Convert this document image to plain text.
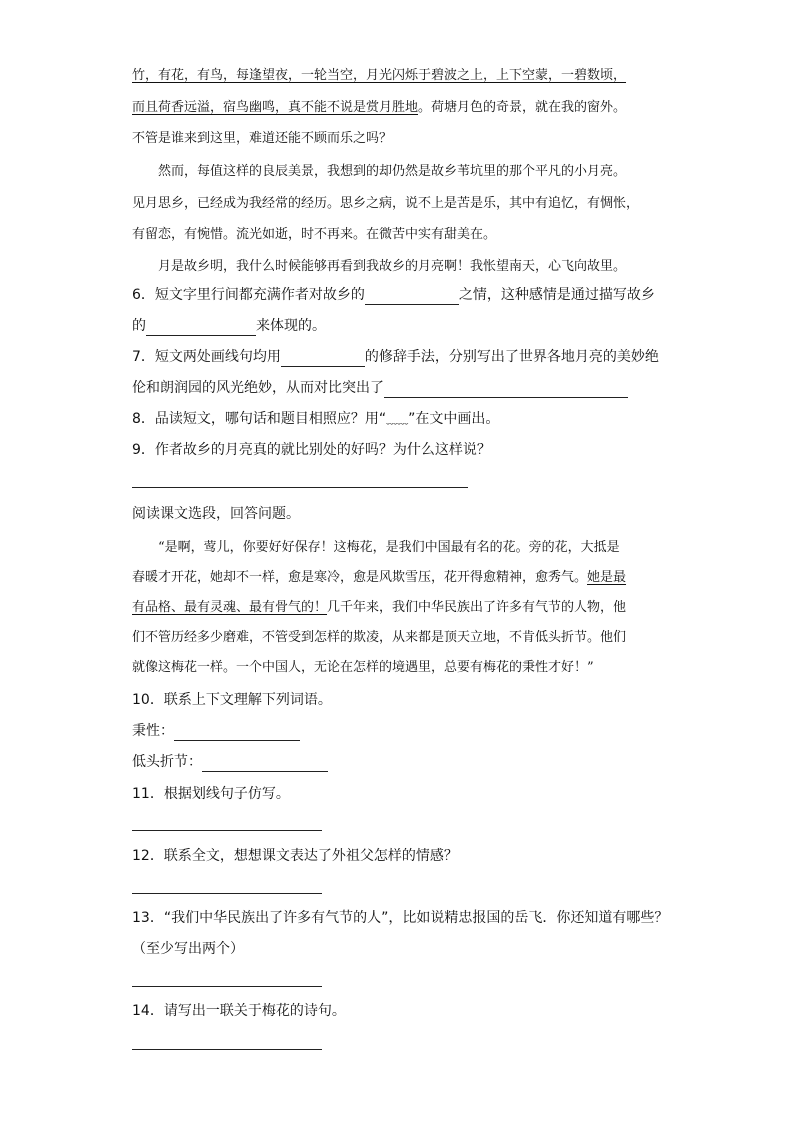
竹，有花，有鸟，每逢望夜，一轮当空，月光闪烁于碧波之上，上下空蒙，一碧数顷，
而且荷香远溢，宿鸟幽鸣，真不能不说是赏月胜地。荷塘月色的奇景，就在我的窗外。
不管是谁来到这里，难道还能不顾而乐之吗？
然而，每值这样的良辰美景，我想到的却仍然是故乡苇坑里的那个平凡的小月亮。
见月思乡，已经成为我经常的经历。思乡之病，说不上是苦是乐，其中有追忆，有惆怅，
有留恋，有惋惜。流光如逝，时不再来。在微苦中实有甜美在。
月是故乡明，我什么时候能够再看到我故乡的月亮啊！我怅望南天，心飞向故里。
6．短文字里行间都充满作者对故乡的	之情，这种感情是通过描写故乡
的	来体现的。
7．短文两处画线句均用	的修辞手法，分别写出了世界各地月亮的美妙绝
伦和朗润园的风光绝妙，从而对比突出了
8．品读短文，哪句话和题目相照应？用“﹏﹏”在文中画出。
9．作者故乡的月亮真的就比别处的好吗？为什么这样说？
阅读课文选段，回答问题。
“是啊，莺儿，你要好好保存！这梅花，是我们中国最有名的花。旁的花，大抵是
春暖才开花，她却不一样，愈是寒冷，愈是风欺雪压，花开得愈精神，愈秀气。她是最
有品格、最有灵魂、最有骨气的！几千年来，我们中华民族出了许多有气节的人物，他
们不管历经多少磨难，不管受到怎样的欺凌，从来都是顶天立地，不肯低头折节。他们
就像这梅花一样。一个中国人，无论在怎样的境遇里，总要有梅花的秉性才好！”
10．联系上下文理解下列词语。
秉性：
低头折节：
11．根据划线句子仿写。
12．联系全文，想想课文表达了外祖父怎样的情感？
13．“我们中华民族出了许多有气节的人”，比如说精忠报国的岳飞．你还知道有哪些？
（至少写出两个）
14．请写出一联关于梅花的诗句。
